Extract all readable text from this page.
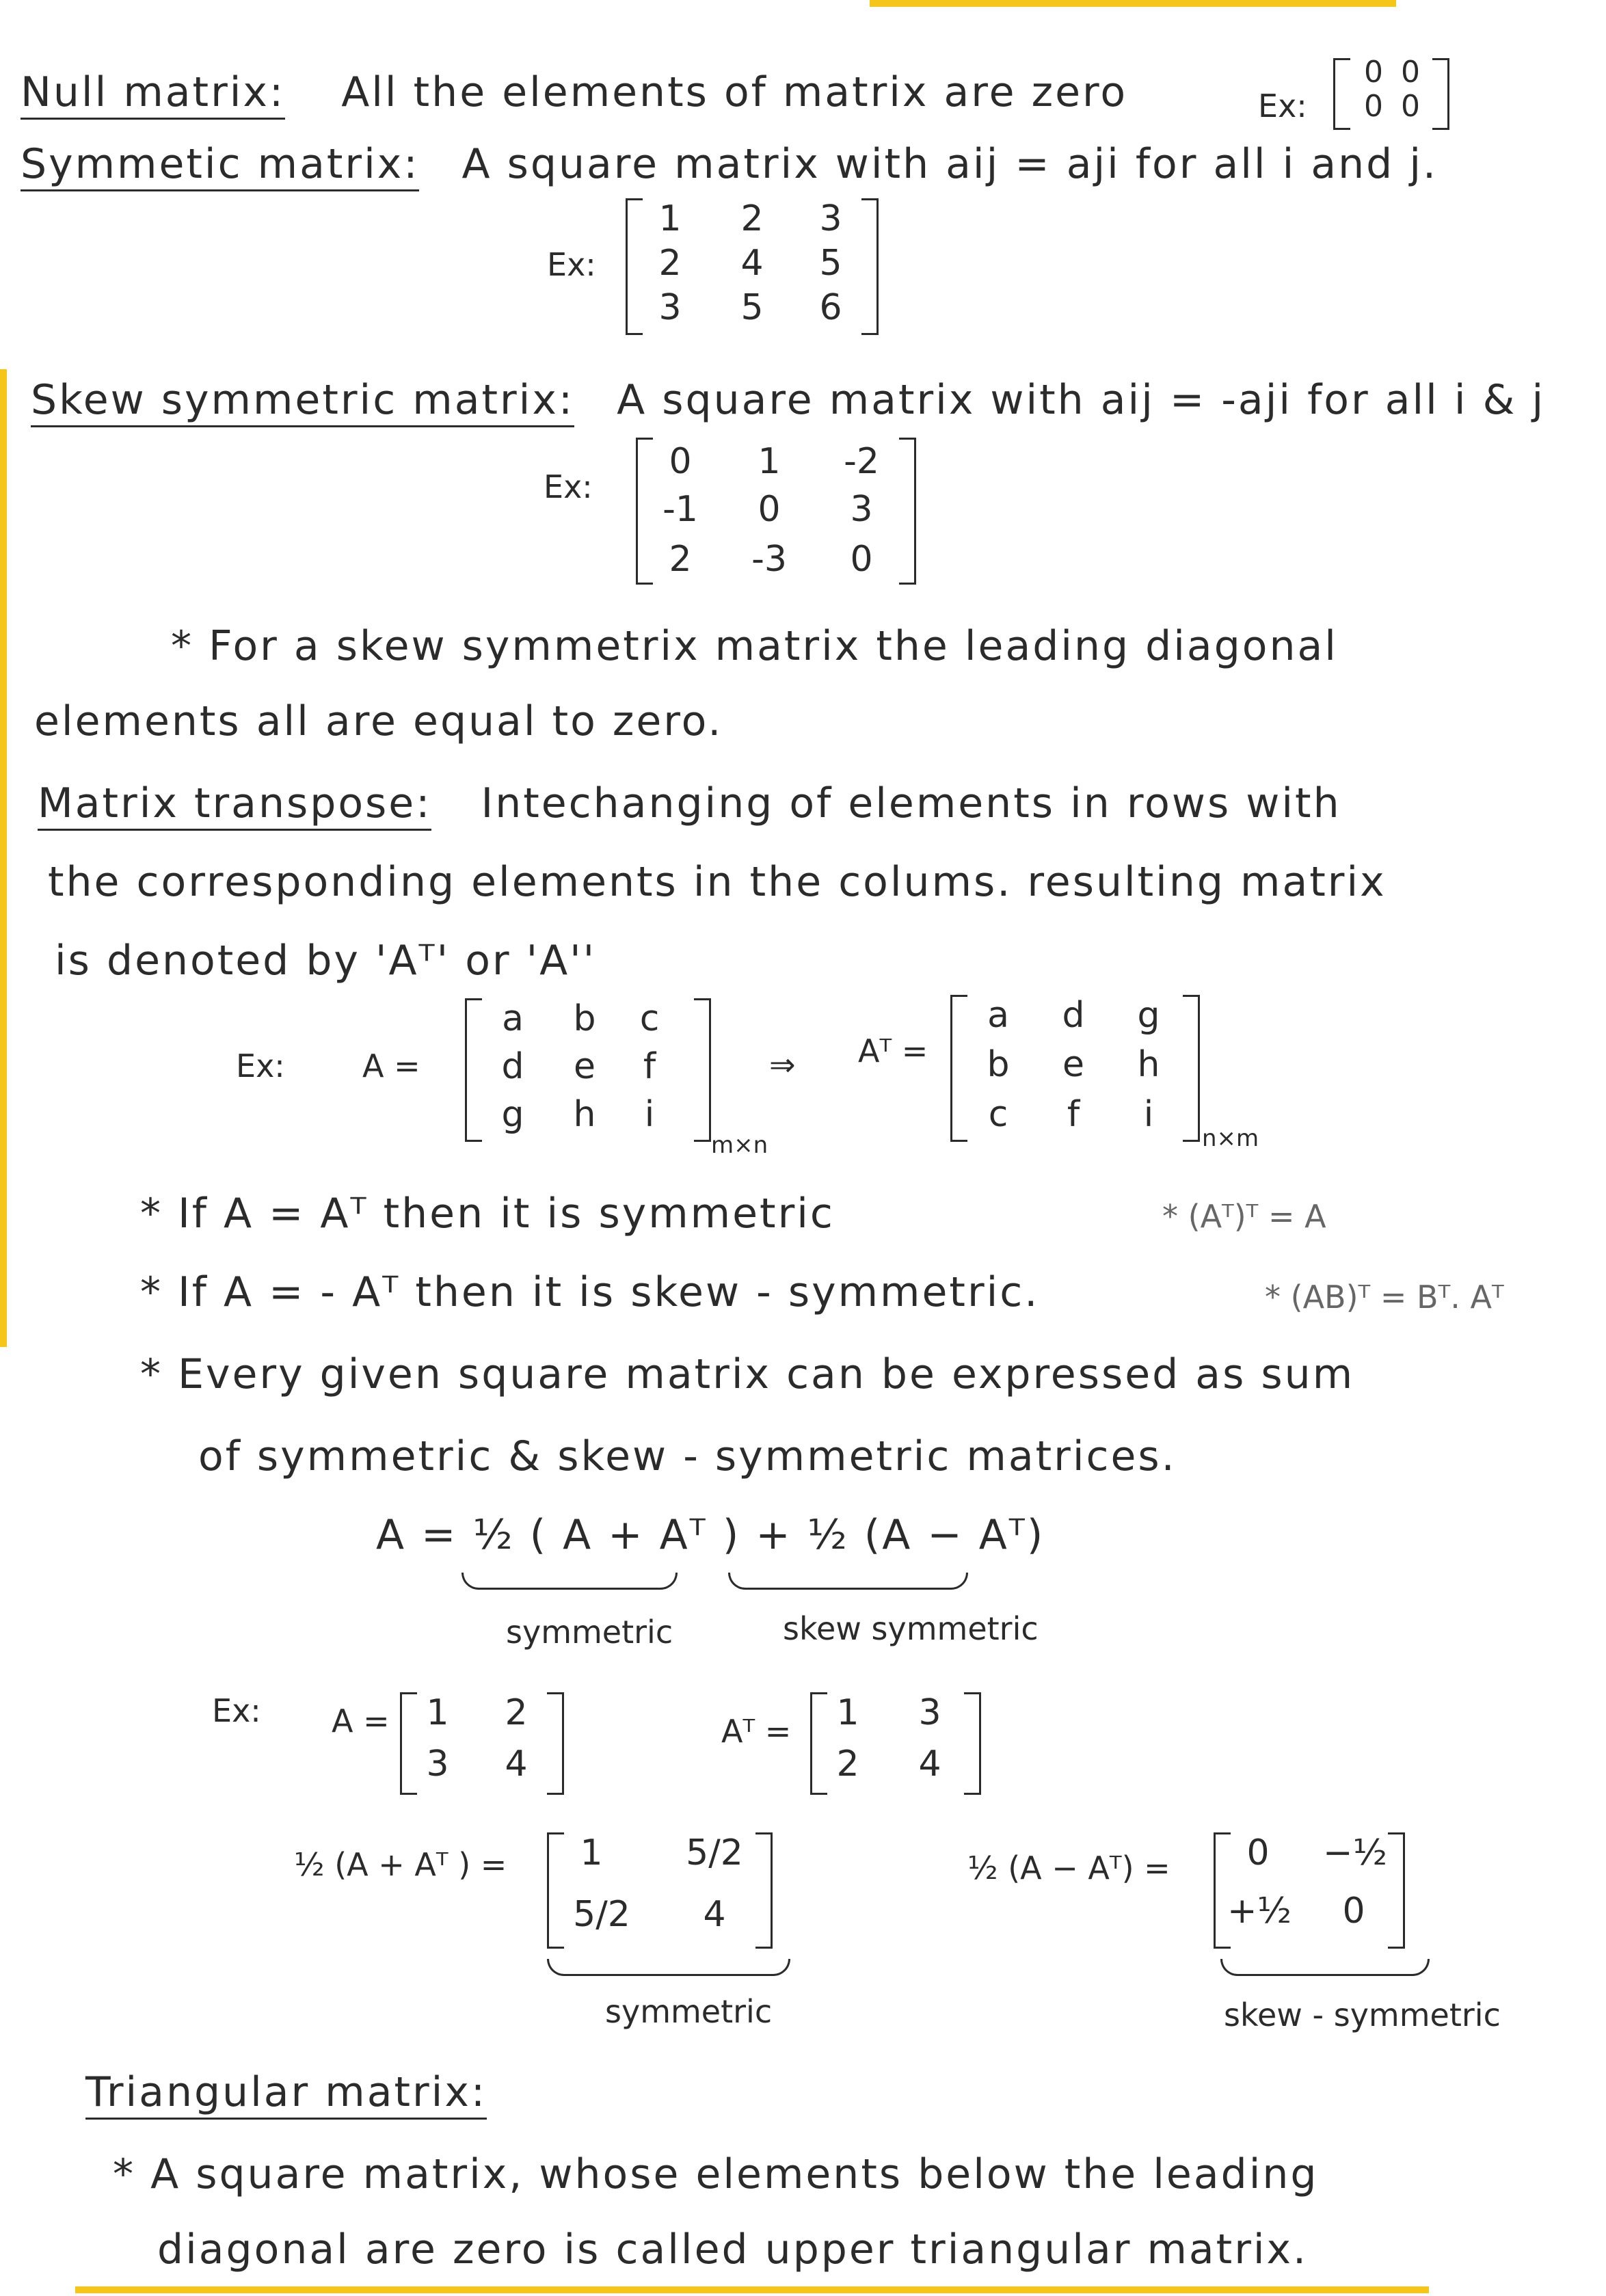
Null matrix: All the elements of matrix are zero	Ex:
0 0
0 0
Symmetic matrix: A square matrix with aij = aji for all i and j.
Ex:
1	2	3
2	4	5
3	5	6
Skew symmetric matrix: A square matrix with aij = -aji for all i & j
Ex:
0	1	-2
-1	0	3
2	-3	0
* For a skew symmetrix matrix the leading diagonal
elements all are equal to zero.
Matrix transpose: Intechanging of elements in rows with
the corresponding elements in the colums. resulting matrix
is denoted by 'Aᵀ' or 'A''
Ex: A =
a	b	c
d	e	f
g	h	i
m×n
⇒ Aᵀ =
a	d	g
b	e	h
c	f	i
n×m
* If A = Aᵀ then it is symmetric	* (Aᵀ)ᵀ = A
* If A = - Aᵀ then it is skew - symmetric.	* (AB)ᵀ = Bᵀ. Aᵀ
* Every given square matrix can be expressed as sum
of symmetric & skew - symmetric matrices.
A = ½ ( A + Aᵀ ) + ½ (A − Aᵀ)
symmetric	skew symmetric
Ex: A =	1	2
3	4
Aᵀ =	1	3
2	4
½ (A + Aᵀ ) =	1	5/2
5/2	4
symmetric
½ (A − Aᵀ) =	0	−½
+½	0
skew - symmetric
Triangular matrix:
* A square matrix, whose elements below the leading
diagonal are zero is called upper triangular matrix.
